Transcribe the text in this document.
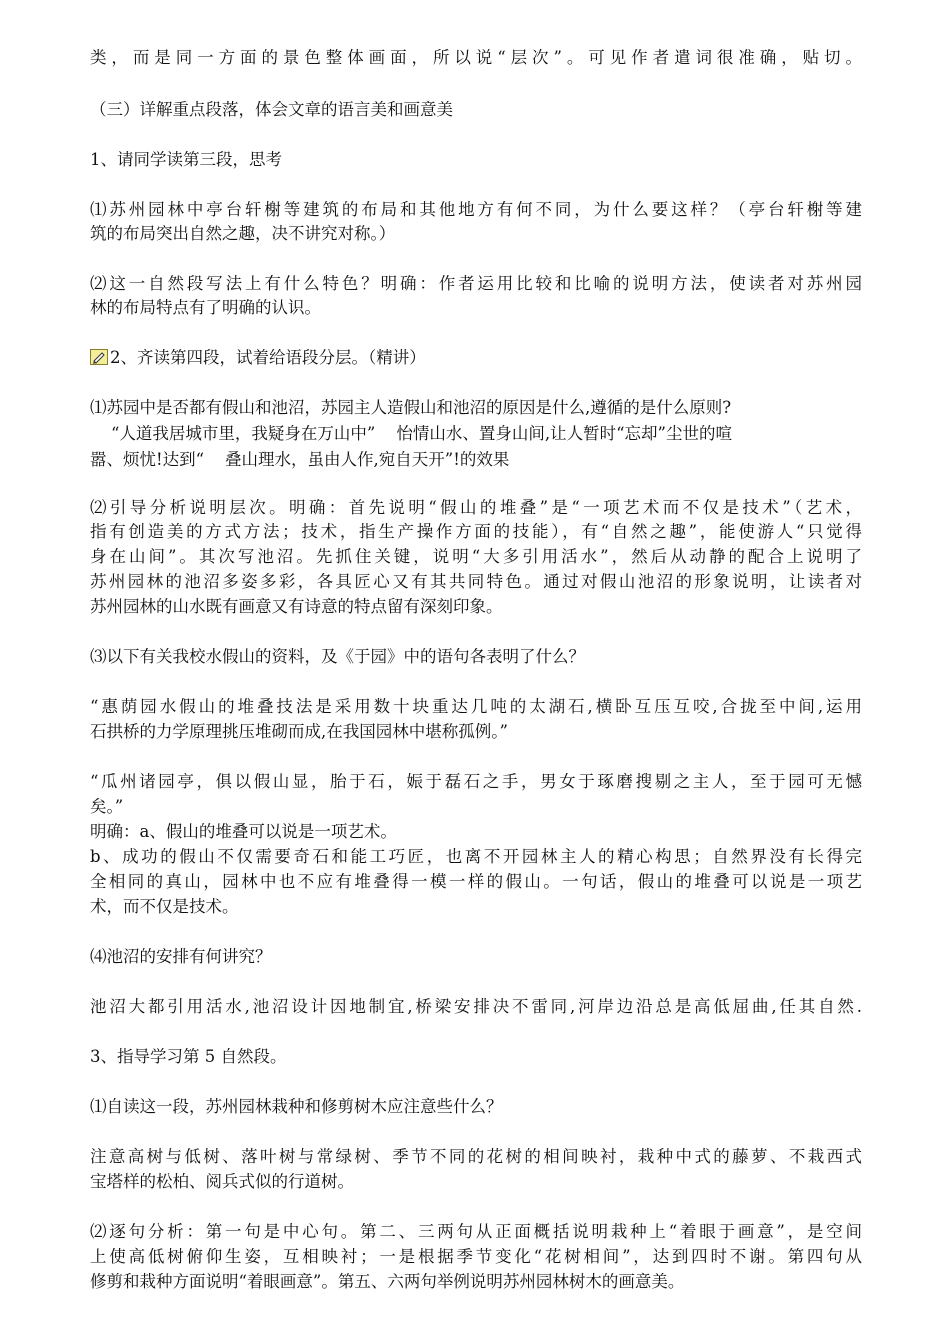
类，而是同一方面的景色整体画面，所以说“层次”。可见作者遣词很准确，贴切。
（三）详解重点段落，体会文章的语言美和画意美
1、请同学读第三段，思考
⑴苏州园林中亭台轩榭等建筑的布局和其他地方有何不同，为什么要这样？（亭台轩榭等建
筑的布局突出自然之趣，决不讲究对称。）
⑵这一自然段写法上有什么特色？明确：作者运用比较和比喻的说明方法，使读者对苏州园
林的布局特点有了明确的认识。
2、齐读第四段，试着给语段分层。（精讲）
⑴苏园中是否都有假山和池沼，苏园主人造假山和池沼的原因是什么,遵循的是什么原则?
“人道我居城市里，我疑身在万山中”    怡情山水、置身山间,让人暂时“忘却”尘世的喧
嚣、烦忧!达到“    叠山理水，虽由人作,宛自天开”!的效果
⑵引导分析说明层次。明确：首先说明“假山的堆叠”是“一项艺术而不仅是技术”（艺术，
指有创造美的方式方法；技术，指生产操作方面的技能），有“自然之趣”，能使游人“只觉得
身在山间”。其次写池沼。先抓住关键，说明“大多引用活水”，然后从动静的配合上说明了
苏州园林的池沼多姿多彩，各具匠心又有其共同特色。通过对假山池沼的形象说明，让读者对
苏州园林的山水既有画意又有诗意的特点留有深刻印象。
⑶以下有关我校水假山的资料，及《于园》中的语句各表明了什么？
“惠荫园水假山的堆叠技法是采用数十块重达几吨的太湖石,横卧互压互咬,合拢至中间,运用
石拱桥的力学原理挑压堆砌而成,在我国园林中堪称孤例。”
“瓜州诸园亭，俱以假山显，胎于石，娠于磊石之手，男女于琢磨搜剔之主人，至于园可无憾
矣。”
明确：a、假山的堆叠可以说是一项艺术。
b、成功的假山不仅需要奇石和能工巧匠，也离不开园林主人的精心构思；自然界没有长得完
全相同的真山，园林中也不应有堆叠得一模一样的假山。一句话，假山的堆叠可以说是一项艺
术，而不仅是技术。
⑷池沼的安排有何讲究？
池沼大都引用活水,池沼设计因地制宜,桥梁安排决不雷同,河岸边沿总是高低屈曲,任其自然.
3、指导学习第 5 自然段。
⑴自读这一段，苏州园林栽种和修剪树木应注意些什么？
注意高树与低树、落叶树与常绿树、季节不同的花树的相间映衬，栽种中式的藤萝、不栽西式
宝塔样的松柏、阅兵式似的行道树。
⑵逐句分析：第一句是中心句。第二、三两句从正面概括说明栽种上“着眼于画意”，是空间
上使高低树俯仰生姿，互相映衬；一是根据季节变化“花树相间”，达到四时不谢。第四句从
修剪和栽种方面说明“着眼画意”。第五、六两句举例说明苏州园林树木的画意美。
